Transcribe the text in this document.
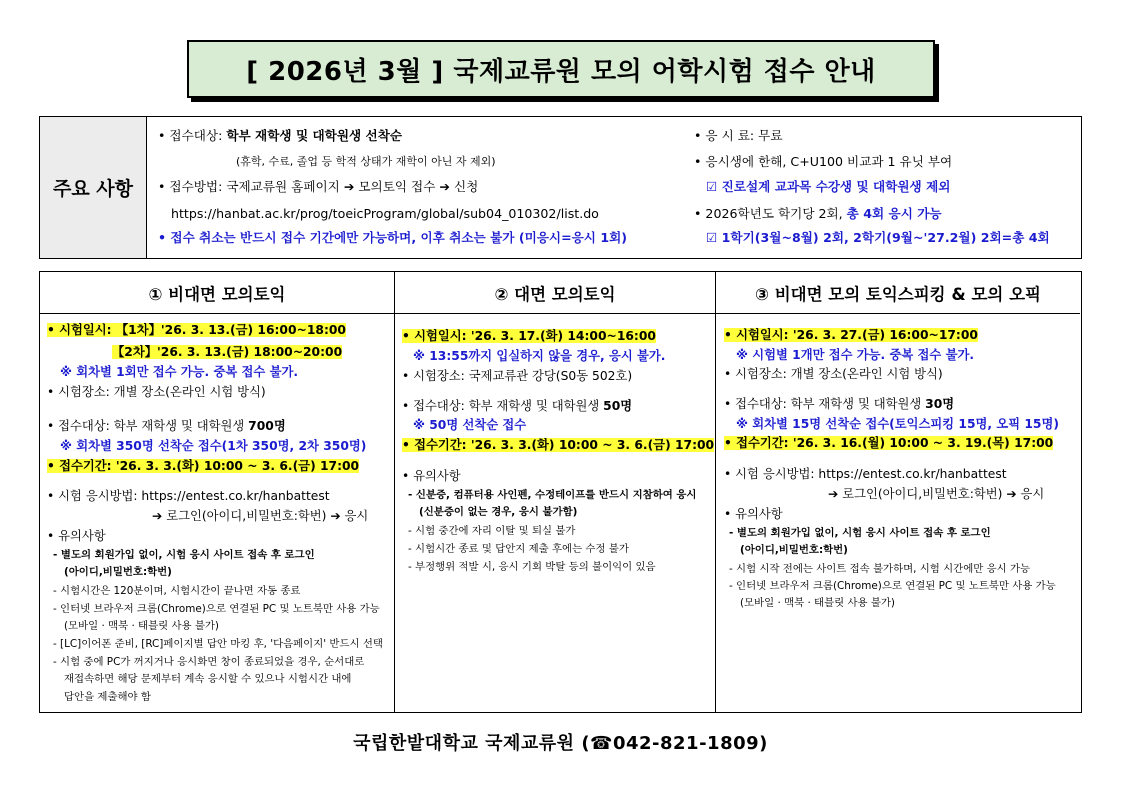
[ 2026년 3월 ] 국제교류원 모의 어학시험 접수 안내
주요 사항
• 접수대상: 학부 재학생 및 대학원생 선착순
(휴학, 수료, 졸업 등 학적 상태가 재학이 아닌 자 제외)
• 접수방법: 국제교류원 홈페이지 ➔ 모의토익 접수 ➔ 신청
https://hanbat.ac.kr/prog/toeicProgram/global/sub04_010302/list.do
• 접수 취소는 반드시 접수 기간에만 가능하며, 이후 취소는 불가 (미응시=응시 1회)
• 응 시 료: 무료
• 응시생에 한해, C+U100 비교과 1 유닛 부여
☑ 진로설계 교과목 수강생 및 대학원생 제외
• 2026학년도 학기당 2회, 총 4회 응시 가능
☑ 1학기(3월~8월) 2회, 2학기(9월~'27.2월) 2회=총 4회
① 비대면 모의토익
• 시험일시: 【1차】'26. 3. 13.(금) 16:00~18:00
【2차】'26. 3. 13.(금) 18:00~20:00
※ 회차별 1회만 접수 가능. 중복 접수 불가.
• 시험장소: 개별 장소(온라인 시험 방식)
• 접수대상: 학부 재학생 및 대학원생 700명
※ 회차별 350명 선착순 접수(1차 350명, 2차 350명)
• 접수기간: '26. 3. 3.(화) 10:00 ~ 3. 6.(금) 17:00
• 시험 응시방법: https://entest.co.kr/hanbattest
➔ 로그인(아이디,비밀번호:학번) ➔ 응시
• 유의사항
- 별도의 회원가입 없이, 시험 응시 사이트 접속 후 로그인
(아이디,비밀번호:학번)
- 시험시간은 120분이며, 시험시간이 끝나면 자동 종료
- 인터넷 브라우저 크롬(Chrome)으로 연결된 PC 및 노트북만 사용 가능
(모바일 · 맥북 · 태블릿 사용 불가)
- [LC]이어폰 준비, [RC]페이지별 답안 마킹 후, '다음페이지' 반드시 선택
- 시험 중에 PC가 꺼지거나 응시화면 창이 종료되었을 경우, 순서대로
재접속하면 해당 문제부터 계속 응시할 수 있으나 시험시간 내에
답안을 제출해야 함
② 대면 모의토익
• 시험일시: '26. 3. 17.(화) 14:00~16:00
※ 13:55까지 입실하지 않을 경우, 응시 불가.
• 시험장소: 국제교류관 강당(S0동 502호)
• 접수대상: 학부 재학생 및 대학원생 50명
※ 50명 선착순 접수
• 접수기간: '26. 3. 3.(화) 10:00 ~ 3. 6.(금) 17:00
• 유의사항
- 신분증, 컴퓨터용 사인펜, 수정테이프를 반드시 지참하여 응시
(신분증이 없는 경우, 응시 불가함)
- 시험 중간에 자리 이탈 및 퇴실 불가
- 시험시간 종료 및 답안지 제출 후에는 수정 불가
- 부정행위 적발 시, 응시 기회 박탈 등의 불이익이 있음
③ 비대면 모의 토익스피킹 & 모의 오픽
• 시험일시: '26. 3. 27.(금) 16:00~17:00
※ 시험별 1개만 접수 가능. 중복 접수 불가.
• 시험장소: 개별 장소(온라인 시험 방식)
• 접수대상: 학부 재학생 및 대학원생 30명
※ 회차별 15명 선착순 접수(토익스피킹 15명, 오픽 15명)
• 접수기간: '26. 3. 16.(월) 10:00 ~ 3. 19.(목) 17:00
• 시험 응시방법: https://entest.co.kr/hanbattest
➔ 로그인(아이디,비밀번호:학번) ➔ 응시
• 유의사항
- 별도의 회원가입 없이, 시험 응시 사이트 접속 후 로그인
(아이디,비밀번호:학번)
- 시험 시작 전에는 사이트 접속 불가하며, 시험 시간에만 응시 가능
- 인터넷 브라우저 크롬(Chrome)으로 연결된 PC 및 노트북만 사용 가능
(모바일 · 맥북 · 태블릿 사용 불가)
국립한밭대학교 국제교류원 (☎042-821-1809)
